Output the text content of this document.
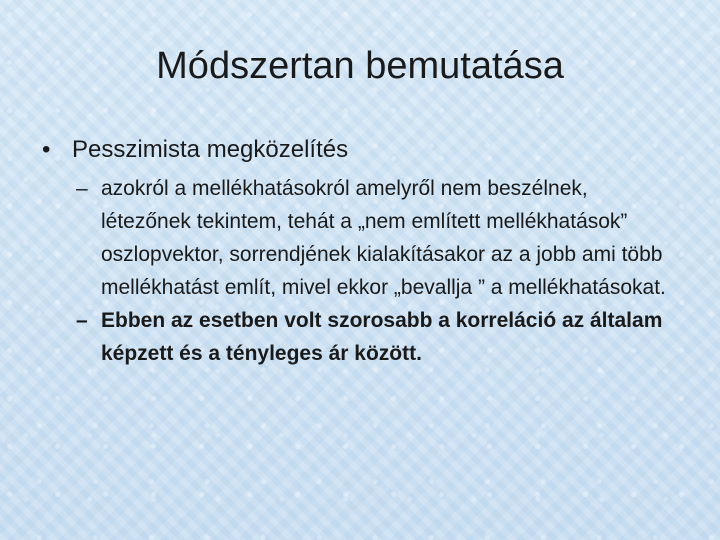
Módszertan bemutatása
• Pesszimista megközelítés
– azokról a mellékhatásokról amelyről nem beszélnek, létezőnek tekintem, tehát a „nem említett mellékhatások” oszlopvektor, sorrendjének kialakításakor az a jobb ami több mellékhatást említ, mivel ekkor „bevallja ” a mellékhatásokat.
– Ebben az esetben volt szorosabb a korreláció az általam képzett és a tényleges ár között.
